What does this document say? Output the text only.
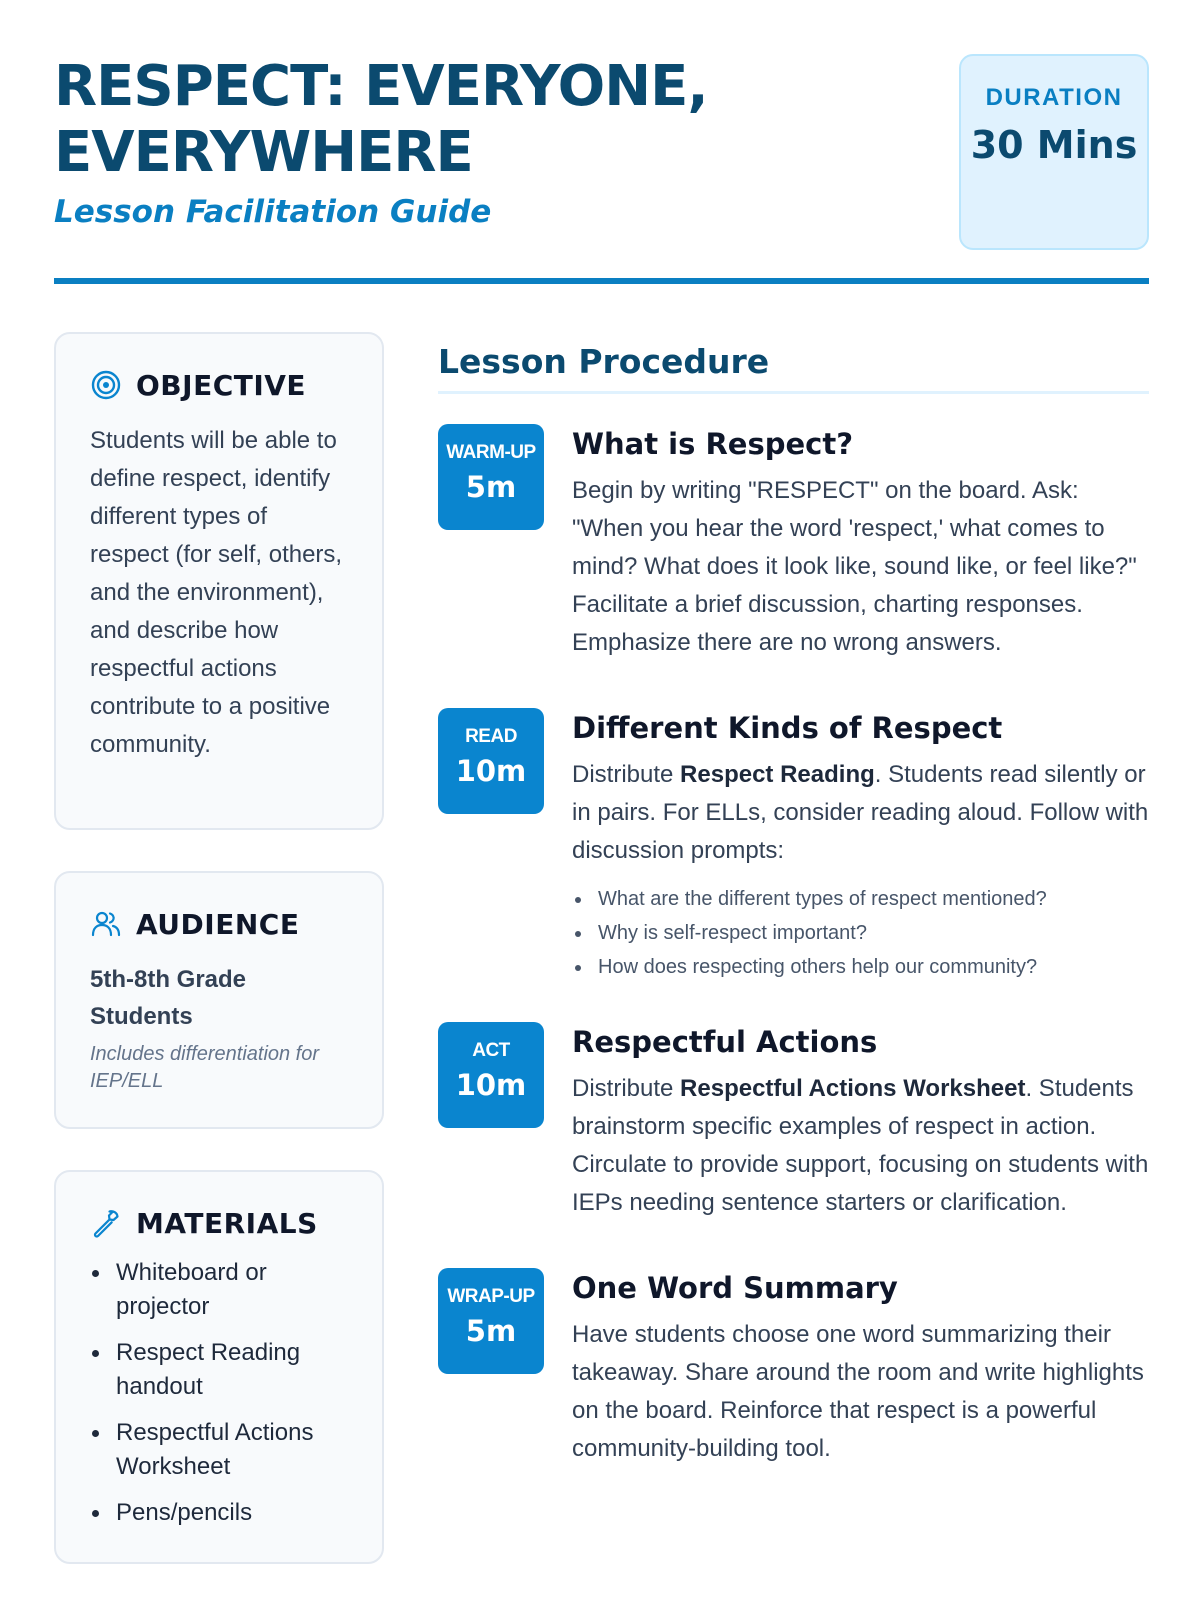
RESPECT: EVERYONE, EVERYWHERE
Lesson Facilitation Guide
DURATION
30 Mins
OBJECTIVE

Students will be able to define respect, identify different types of respect (for self, others, and the environment), and describe how respectful actions contribute to a positive community.

AUDIENCE
5th-8th Grade Students
Includes differentiation for IEP/ELL
MATERIALS
Whiteboard or projector
Respect Reading handout
Respectful Actions Worksheet
Pens/pencils
Lesson Procedure
WARM-UP
5m
What is Respect?

Begin by writing "RESPECT" on the board. Ask: "When you hear the word 'respect,' what comes to mind? What does it look like, sound like, or feel like?" Facilitate a brief discussion, charting responses. Emphasize there are no wrong answers.

READ
10m
Different Kinds of Respect

Distribute Respect Reading. Students read silently or in pairs. For ELLs, consider reading aloud. Follow with discussion prompts:

What are the different types of respect mentioned?
Why is self-respect important?
How does respecting others help our community?
ACT
10m
Respectful Actions

Distribute Respectful Actions Worksheet. Students brainstorm specific examples of respect in action. Circulate to provide support, focusing on students with IEPs needing sentence starters or clarification.

WRAP-UP
5m
One Word Summary

Have students choose one word summarizing their takeaway. Share around the room and write highlights on the board. Reinforce that respect is a powerful community-building tool.
